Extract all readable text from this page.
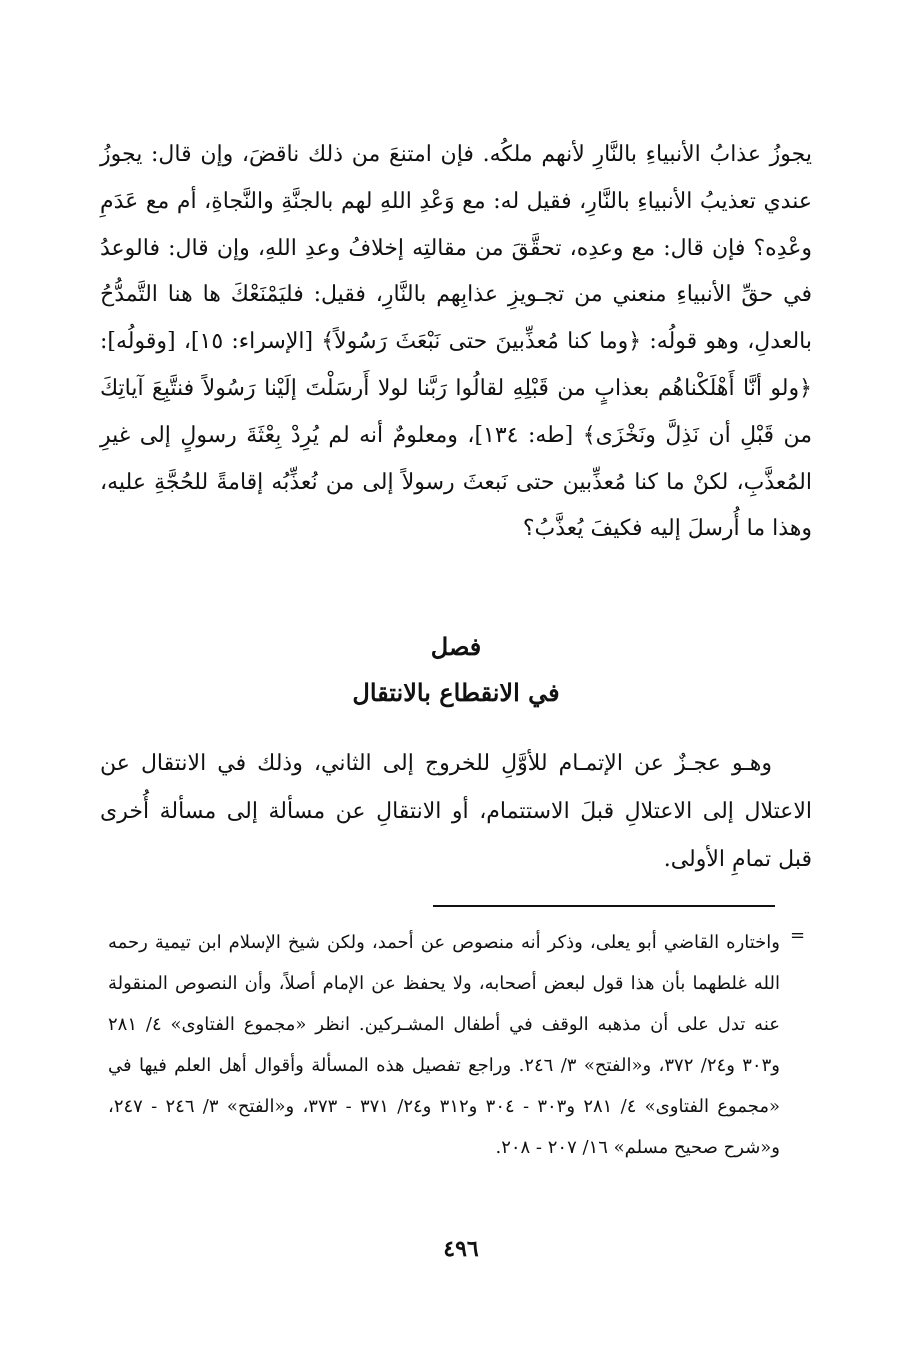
يجوزُ عذابُ الأنبياءِ بالنَّارِ لأنهم ملكُه. فإن امتنعَ من ذلك ناقضَ، وإن قال: يجوزُ عندي تعذيبُ الأنبياءِ بالنَّارِ، فقيل له: مع وَعْدِ اللهِ لهم بالجنَّةِ والنَّجاةِ، أم مع عَدَمِ وعْدِه؟ فإن قال: مع وعدِه، تحقَّقَ من مقالتِه إخلافُ وعدِ اللهِ، وإن قال: فالوعدُ في حقِّ الأنبياءِ منعني من تجـويزِ عذابِهم بالنَّارِ، فقيل: فليَمْنَعْكَ ها هنا التَّمدُّحُ بالعدلِ، وهو قولُه: ﴿وما كنا مُعذِّبينَ حتى نَبْعَثَ رَسُولاً﴾ [الإسراء: ١٥]، [وقولُه]: ﴿ولو أنَّا أَهْلَكْناهُم بعذابٍ من قَبْلِهِ لقالُوا رَبَّنا لولا أَرسَلْتَ إلَيْنا رَسُولاً فنتَّبِعَ آياتِكَ من قَبْلِ أن نَذِلَّ ونَخْزَى﴾ [طه: ١٣٤]، ومعلومٌ أنه لم يُرِدْ بِعْثَةَ رسولٍ إلى غيرِ المُعذَّبِ، لكنْ ما كنا مُعذِّبين حتى نَبعثَ رسولاً إلى من نُعذِّبُه إقامةً للحُجَّةِ عليه، وهذا ما أُرسلَ إليه فكيفَ يُعذَّبُ؟

فصل
في الانقطاع بالانتقال

وهـو عجـزٌ عن الإتمـام للأوَّلِ للخروج إلى الثاني، وذلك في الانتقال عن الاعتلال إلى الاعتلالِ قبلَ الاستتمام، أو الانتقالِ عن مسألة إلى مسألة أُخرى قبل تمامِ الأولى.

=

واختاره القاضي أبو يعلى، وذكر أنه منصوص عن أحمد، ولكن شيخ الإسلام ابن تيمية رحمه الله غلطهما بأن هذا قول لبعض أصحابه، ولا يحفظ عن الإمام أصلاً، وأن النصوص المنقولة عنه تدل على أن مذهبه الوقف في أطفال المشـركين. انظر «مجموع الفتاوى» ٤/ ٢٨١ و٣٠٣ و٢٤/ ٣٧٢، و«الفتح» ٣/ ٢٤٦. وراجع تفصيل هذه المسألة وأقوال أهل العلم فيها في «مجموع الفتاوى» ٤/ ٢٨١ و٣٠٣ - ٣٠٤ و٣١٢ و٢٤/ ٣٧١ - ٣٧٣، و«الفتح» ٣/ ٢٤٦ - ٢٤٧، و«شرح صحيح مسلم» ١٦/ ٢٠٧ - ٢٠٨.

٤٩٦
